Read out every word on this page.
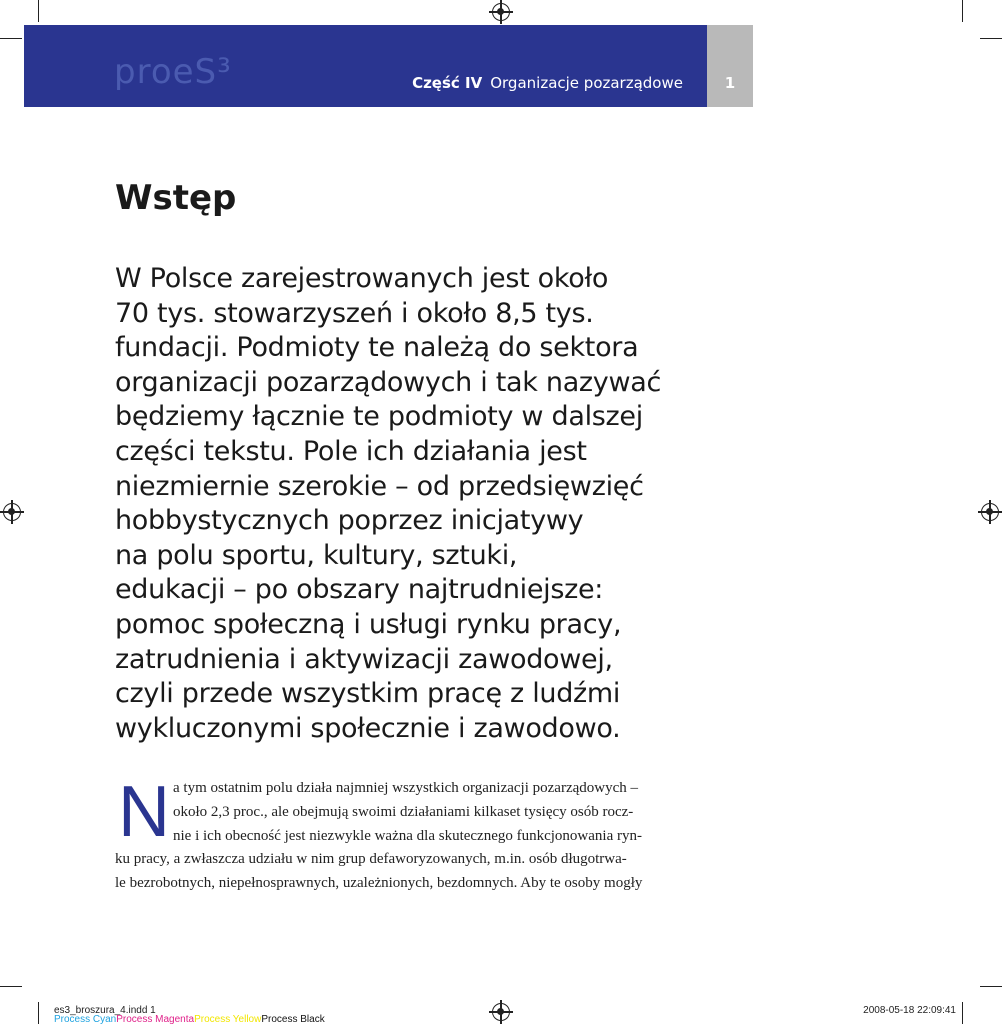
proeS³	Część IV Organizacje pozarządowe	1
Wstęp
W Polsce zarejestrowanych jest około
70 tys. stowarzyszeń i około 8,5 tys.
fundacji. Podmioty te należą do sektora
organizacji pozarządowych i tak nazywać
będziemy łącznie te podmioty w dalszej
części tekstu. Pole ich działania jest
niezmiernie szerokie – od przedsięwzięć
hobbystycznych poprzez inicjatywy
na polu sportu, kultury, sztuki,
edukacji – po obszary najtrudniejsze:
pomoc społeczną i usługi rynku pracy,
zatrudnienia i aktywizacji zawodowej,
czyli przede wszystkim pracę z ludźmi
wykluczonymi społecznie i zawodowo.
N a tym ostatnim polu działa najmniej wszystkich organizacji pozarządowych –
około 2,3 proc., ale obejmują swoimi działaniami kilkaset tysięcy osób rocz-
nie i ich obecność jest niezwykle ważna dla skutecznego funkcjonowania ryn-
ku pracy, a zwłaszcza udziału w nim grup defaworyzowanych, m.in. osób długotrwa-
le bezrobotnych, niepełnosprawnych, uzależnionych, bezdomnych. Aby te osoby mogły
es3_broszura_4.indd 1	2008-05-18 22:09:41
Process CyanProcess MagentaProcess YellowProcess Black
